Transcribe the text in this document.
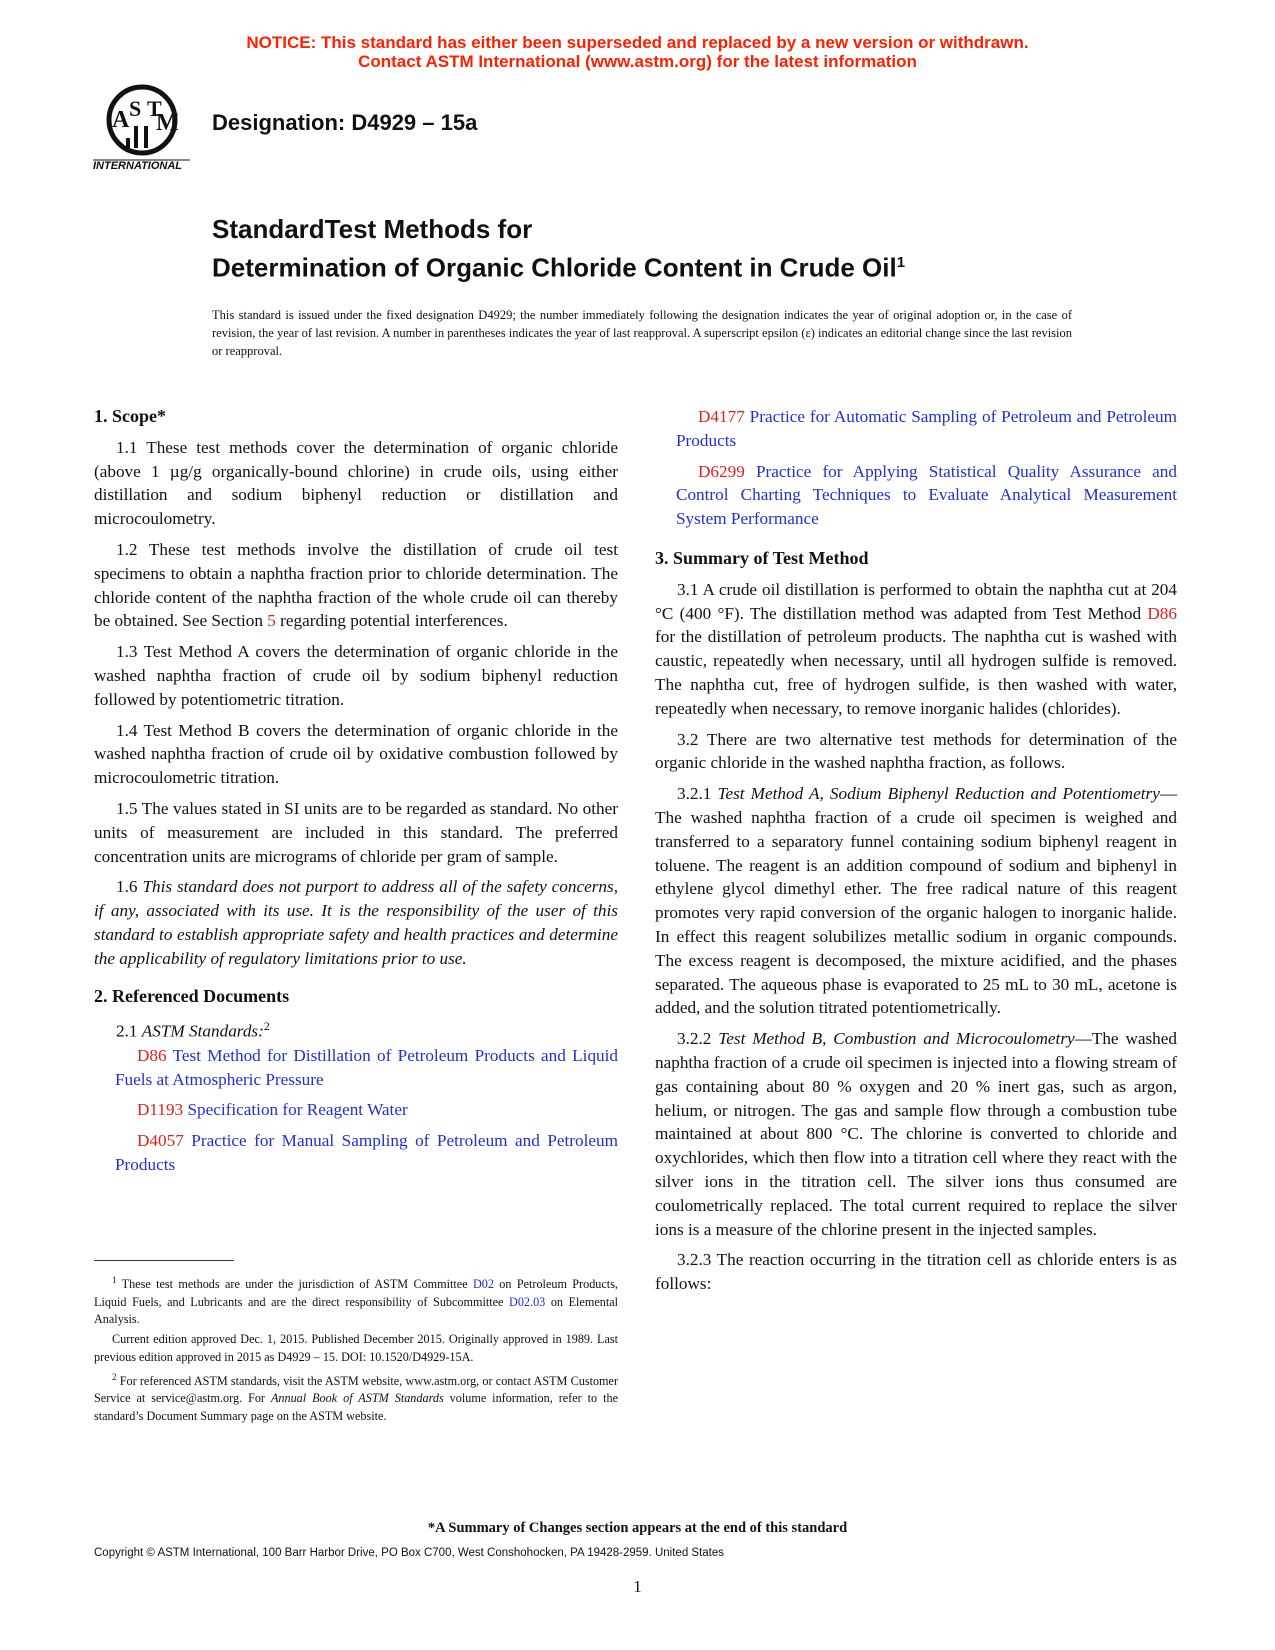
NOTICE: This standard has either been superseded and replaced by a new version or withdrawn.
Contact ASTM International (www.astm.org) for the latest information
A S T
M
INTERNATIONAL
Designation: D4929 – 15a
StandardTest Methods for
Determination of Organic Chloride Content in Crude Oil$^1$
This standard is issued under the fixed designation D4929; the number immediately following the designation indicates the year of original adoption or, in the case of revision, the year of last revision. A number in parentheses indicates the year of last reapproval. A superscript epsilon (ε) indicates an editorial change since the last revision or reapproval.
1. Scope*

1.1 These test methods cover the determination of organic chloride (above 1 µg/g organically-bound chlorine) in crude oils, using either distillation and sodium biphenyl reduction or distillation and microcoulometry.

1.2 These test methods involve the distillation of crude oil test specimens to obtain a naphtha fraction prior to chloride determination. The chloride content of the naphtha fraction of the whole crude oil can thereby be obtained. See Section 5 regarding potential interferences.

1.3 Test Method A covers the determination of organic chloride in the washed naphtha fraction of crude oil by sodium biphenyl reduction followed by potentiometric titration.

1.4 Test Method B covers the determination of organic chloride in the washed naphtha fraction of crude oil by oxidative combustion followed by microcoulometric titration.

1.5 The values stated in SI units are to be regarded as standard. No other units of measurement are included in this standard. The preferred concentration units are micrograms of chloride per gram of sample.

1.6 This standard does not purport to address all of the safety concerns, if any, associated with its use. It is the responsibility of the user of this standard to establish appropriate safety and health practices and determine the applicability of regulatory limitations prior to use.

2. Referenced Documents
2.1 ASTM Standards:$^2$

D86 Test Method for Distillation of Petroleum Products and Liquid Fuels at Atmospheric Pressure

D1193 Specification for Reagent Water

D4057 Practice for Manual Sampling of Petroleum and Petroleum Products

$^1$ These test methods are under the jurisdiction of ASTM Committee D02 on Petroleum Products, Liquid Fuels, and Lubricants and are the direct responsibility of Subcommittee D02.03 on Elemental Analysis.

Current edition approved Dec. 1, 2015. Published December 2015. Originally approved in 1989. Last previous edition approved in 2015 as D4929 – 15. DOI: 10.1520/D4929-15A.

$^2$ For referenced ASTM standards, visit the ASTM website, www.astm.org, or contact ASTM Customer Service at service@astm.org. For Annual Book of ASTM Standards volume information, refer to the standard’s Document Summary page on the ASTM website.

D4177 Practice for Automatic Sampling of Petroleum and Petroleum Products

D6299 Practice for Applying Statistical Quality Assurance and Control Charting Techniques to Evaluate Analytical Measurement System Performance

3. Summary of Test Method

3.1 A crude oil distillation is performed to obtain the naphtha cut at 204 °C (400 °F). The distillation method was adapted from Test Method D86 for the distillation of petroleum products. The naphtha cut is washed with caustic, repeatedly when necessary, until all hydrogen sulfide is removed. The naphtha cut, free of hydrogen sulfide, is then washed with water, repeatedly when necessary, to remove inorganic halides (chlorides).

3.2 There are two alternative test methods for determination of the organic chloride in the washed naphtha fraction, as follows.

3.2.1 Test Method A, Sodium Biphenyl Reduction and Potentiometry—The washed naphtha fraction of a crude oil specimen is weighed and transferred to a separatory funnel containing sodium biphenyl reagent in toluene. The reagent is an addition compound of sodium and biphenyl in ethylene glycol dimethyl ether. The free radical nature of this reagent promotes very rapid conversion of the organic halogen to inorganic halide. In effect this reagent solubilizes metallic sodium in organic compounds. The excess reagent is decomposed, the mixture acidified, and the phases separated. The aqueous phase is evaporated to 25 mL to 30 mL, acetone is added, and the solution titrated potentiometrically.

3.2.2 Test Method B, Combustion and Microcoulometry—The washed naphtha fraction of a crude oil specimen is injected into a flowing stream of gas containing about 80 % oxygen and 20 % inert gas, such as argon, helium, or nitrogen. The gas and sample flow through a combustion tube maintained at about 800 °C. The chlorine is converted to chloride and oxychlorides, which then flow into a titration cell where they react with the silver ions in the titration cell. The silver ions thus consumed are coulometrically replaced. The total current required to replace the silver ions is a measure of the chlorine present in the injected samples.

3.2.3 The reaction occurring in the titration cell as chloride enters is as follows:

*A Summary of Changes section appears at the end of this standard
Copyright © ASTM International, 100 Barr Harbor Drive, PO Box C700, West Conshohocken, PA 19428-2959. United States
1
